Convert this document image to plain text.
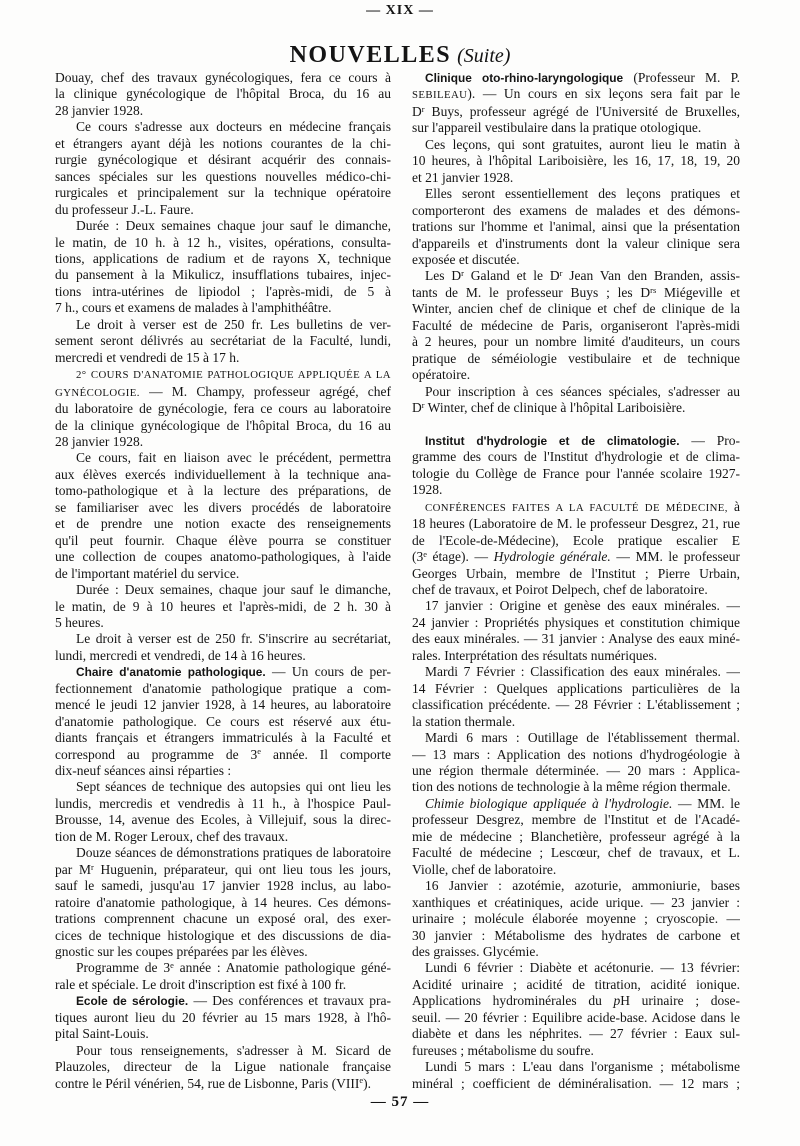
— XIX —
NOUVELLES (Suite)
Douay, chef des travaux gynécologiques, fera ce cours à
la clinique gynécologique de l'hôpital Broca, du 16 au
28 janvier 1928.
Ce cours s'adresse aux docteurs en médecine français
et étrangers ayant déjà les notions courantes de la chi-
rurgie gynécologique et désirant acquérir des connais-
sances spéciales sur les questions nouvelles médico-chi-
rurgicales et principalement sur la technique opératoire
du professeur J.-L. Faure.
Durée : Deux semaines chaque jour sauf le dimanche,
le matin, de 10 h. à 12 h., visites, opérations, consulta-
tions, applications de radium et de rayons X, technique
du pansement à la Mikulicz, insufflations tubaires, injec-
tions intra-utérines de lipiodol ; l'après-midi, de 5 à
7 h., cours et examens de malades à l'amphithéâtre.
Le droit à verser est de 250 fr. Les bulletins de ver-
sement seront délivrés au secrétariat de la Faculté, lundi,
mercredi et vendredi de 15 à 17 h.
2° COURS D'ANATOMIE PATHOLOGIQUE APPLIQUÉE A LA
GYNÉCOLOGIE. — M. Champy, professeur agrégé, chef
du laboratoire de gynécologie, fera ce cours au laboratoire
de la clinique gynécologique de l'hôpital Broca, du 16 au
28 janvier 1928.
Ce cours, fait en liaison avec le précédent, permettra
aux élèves exercés individuellement à la technique ana-
tomo-pathologique et à la lecture des préparations, de
se familiariser avec les divers procédés de laboratoire
et de prendre une notion exacte des renseignements
qu'il peut fournir. Chaque élève pourra se constituer
une collection de coupes anatomo-pathologiques, à l'aide
de l'important matériel du service.
Durée : Deux semaines, chaque jour sauf le dimanche,
le matin, de 9 à 10 heures et l'après-midi, de 2 h. 30 à
5 heures.
Le droit à verser est de 250 fr. S'inscrire au secrétariat,
lundi, mercredi et vendredi, de 14 à 16 heures.
Chaire d'anatomie pathologique. — Un cours de per-
fectionnement d'anatomie pathologique pratique a com-
mencé le jeudi 12 janvier 1928, à 14 heures, au laboratoire
d'anatomie pathologique. Ce cours est réservé aux étu-
diants français et étrangers immatriculés à la Faculté et
correspond au programme de 3e année. Il comporte
dix-neuf séances ainsi réparties :
Sept séances de technique des autopsies qui ont lieu les
lundis, mercredis et vendredis à 11 h., à l'hospice Paul-
Brousse, 14, avenue des Ecoles, à Villejuif, sous la direc-
tion de M. Roger Leroux, chef des travaux.
Douze séances de démonstrations pratiques de laboratoire
par $M^r$ Huguenin, préparateur, qui ont lieu tous les jours,
sauf le samedi, jusqu'au 17 janvier 1928 inclus, au labo-
ratoire d'anatomie pathologique, à 14 heures. Ces démons-
trations comprennent chacune un exposé oral, des exer-
cices de technique histologique et des discussions de dia-
gnostic sur les coupes préparées par les élèves.
Programme de 3e année : Anatomie pathologique géné-
rale et spéciale. Le droit d'inscription est fixé à 100 fr.
Ecole de sérologie. — Des conférences et travaux pra-
tiques auront lieu du 20 février au 15 mars 1928, à l'hô-
pital Saint-Louis.
Pour tous renseignements, s'adresser à M. Sicard de
Plauzoles, directeur de la Ligue nationale française
contre le Péril vénérien, 54, rue de Lisbonne, Paris (VIIIe).
Clinique oto-rhino-laryngologique (Professeur M. P.
SEBILEAU). — Un cours en six leçons sera fait par le
$D^r$ Buys, professeur agrégé de l'Université de Bruxelles,
sur l'appareil vestibulaire dans la pratique otologique.
Ces leçons, qui sont gratuites, auront lieu le matin à
10 heures, à l'hôpital Lariboisière, les 16, 17, 18, 19, 20
et 21 janvier 1928.
Elles seront essentiellement des leçons pratiques et
comporteront des examens de malades et des démons-
trations sur l'homme et l'animal, ainsi que la présentation
d'appareils et d'instruments dont la valeur clinique sera
exposée et discutée.
Les $D^r$ Galand et le $D^r$ Jean Van den Branden, assis-
tants de M. le professeur Buys ; les $D^{rs}$ Miégeville et
Winter, ancien chef de clinique et chef de clinique de la
Faculté de médecine de Paris, organiseront l'après-midi
à 2 heures, pour un nombre limité d'auditeurs, un cours
pratique de séméiologie vestibulaire et de technique
opératoire.
Pour inscription à ces séances spéciales, s'adresser au
$D^r$ Winter, chef de clinique à l'hôpital Lariboisière.
Institut d'hydrologie et de climatologie. — Pro-
gramme des cours de l'Institut d'hydrologie et de clima-
tologie du Collège de France pour l'année scolaire 1927-
1928.
CONFÉRENCES FAITES A LA FACULTÉ DE MÉDECINE, à
18 heures (Laboratoire de M. le professeur Desgrez, 21, rue
de l'Ecole-de-Médecine), Ecole pratique escalier E
(3e étage). — Hydrologie générale. — MM. le professeur
Georges Urbain, membre de l'Institut ; Pierre Urbain,
chef de travaux, et Poirot Delpech, chef de laboratoire.
17 janvier : Origine et genèse des eaux minérales. —
24 janvier : Propriétés physiques et constitution chimique
des eaux minérales. — 31 janvier : Analyse des eaux miné-
rales. Interprétation des résultats numériques.
Mardi 7 Février : Classification des eaux minérales. —
14 Février : Quelques applications particulières de la
classification précédente. — 28 Février : L'établissement ;
la station thermale.
Mardi 6 mars : Outillage de l'établissement thermal.
— 13 mars : Application des notions d'hydrogéologie à
une région thermale déterminée. — 20 mars : Applica-
tion des notions de technologie à la même région thermale.
Chimie biologique appliquée à l'hydrologie. — MM. le
professeur Desgrez, membre de l'Institut et de l'Acadé-
mie de médecine ; Blanchetière, professeur agrégé à la
Faculté de médecine ; Lescœur, chef de travaux, et L.
Violle, chef de laboratoire.
16 Janvier : azotémie, azoturie, ammoniurie, bases
xanthiques et créatiniques, acide urique. — 23 janvier :
urinaire ; molécule élaborée moyenne ; cryoscopie. —
30 janvier : Métabolisme des hydrates de carbone et
des graisses. Glycémie.
Lundi 6 février : Diabète et acétonurie. — 13 février:
Acidité urinaire ; acidité de titration, acidité ionique.
Applications hydrominérales du pH urinaire ; dose-
seuil. — 20 février : Equilibre acide-base. Acidose dans le
diabète et dans les néphrites. — 27 février : Eaux sul-
fureuses ; métabolisme du soufre.
Lundi 5 mars : L'eau dans l'organisme ; métabolisme
minéral ; coefficient de déminéralisation. — 12 mars ;
— 57 —
